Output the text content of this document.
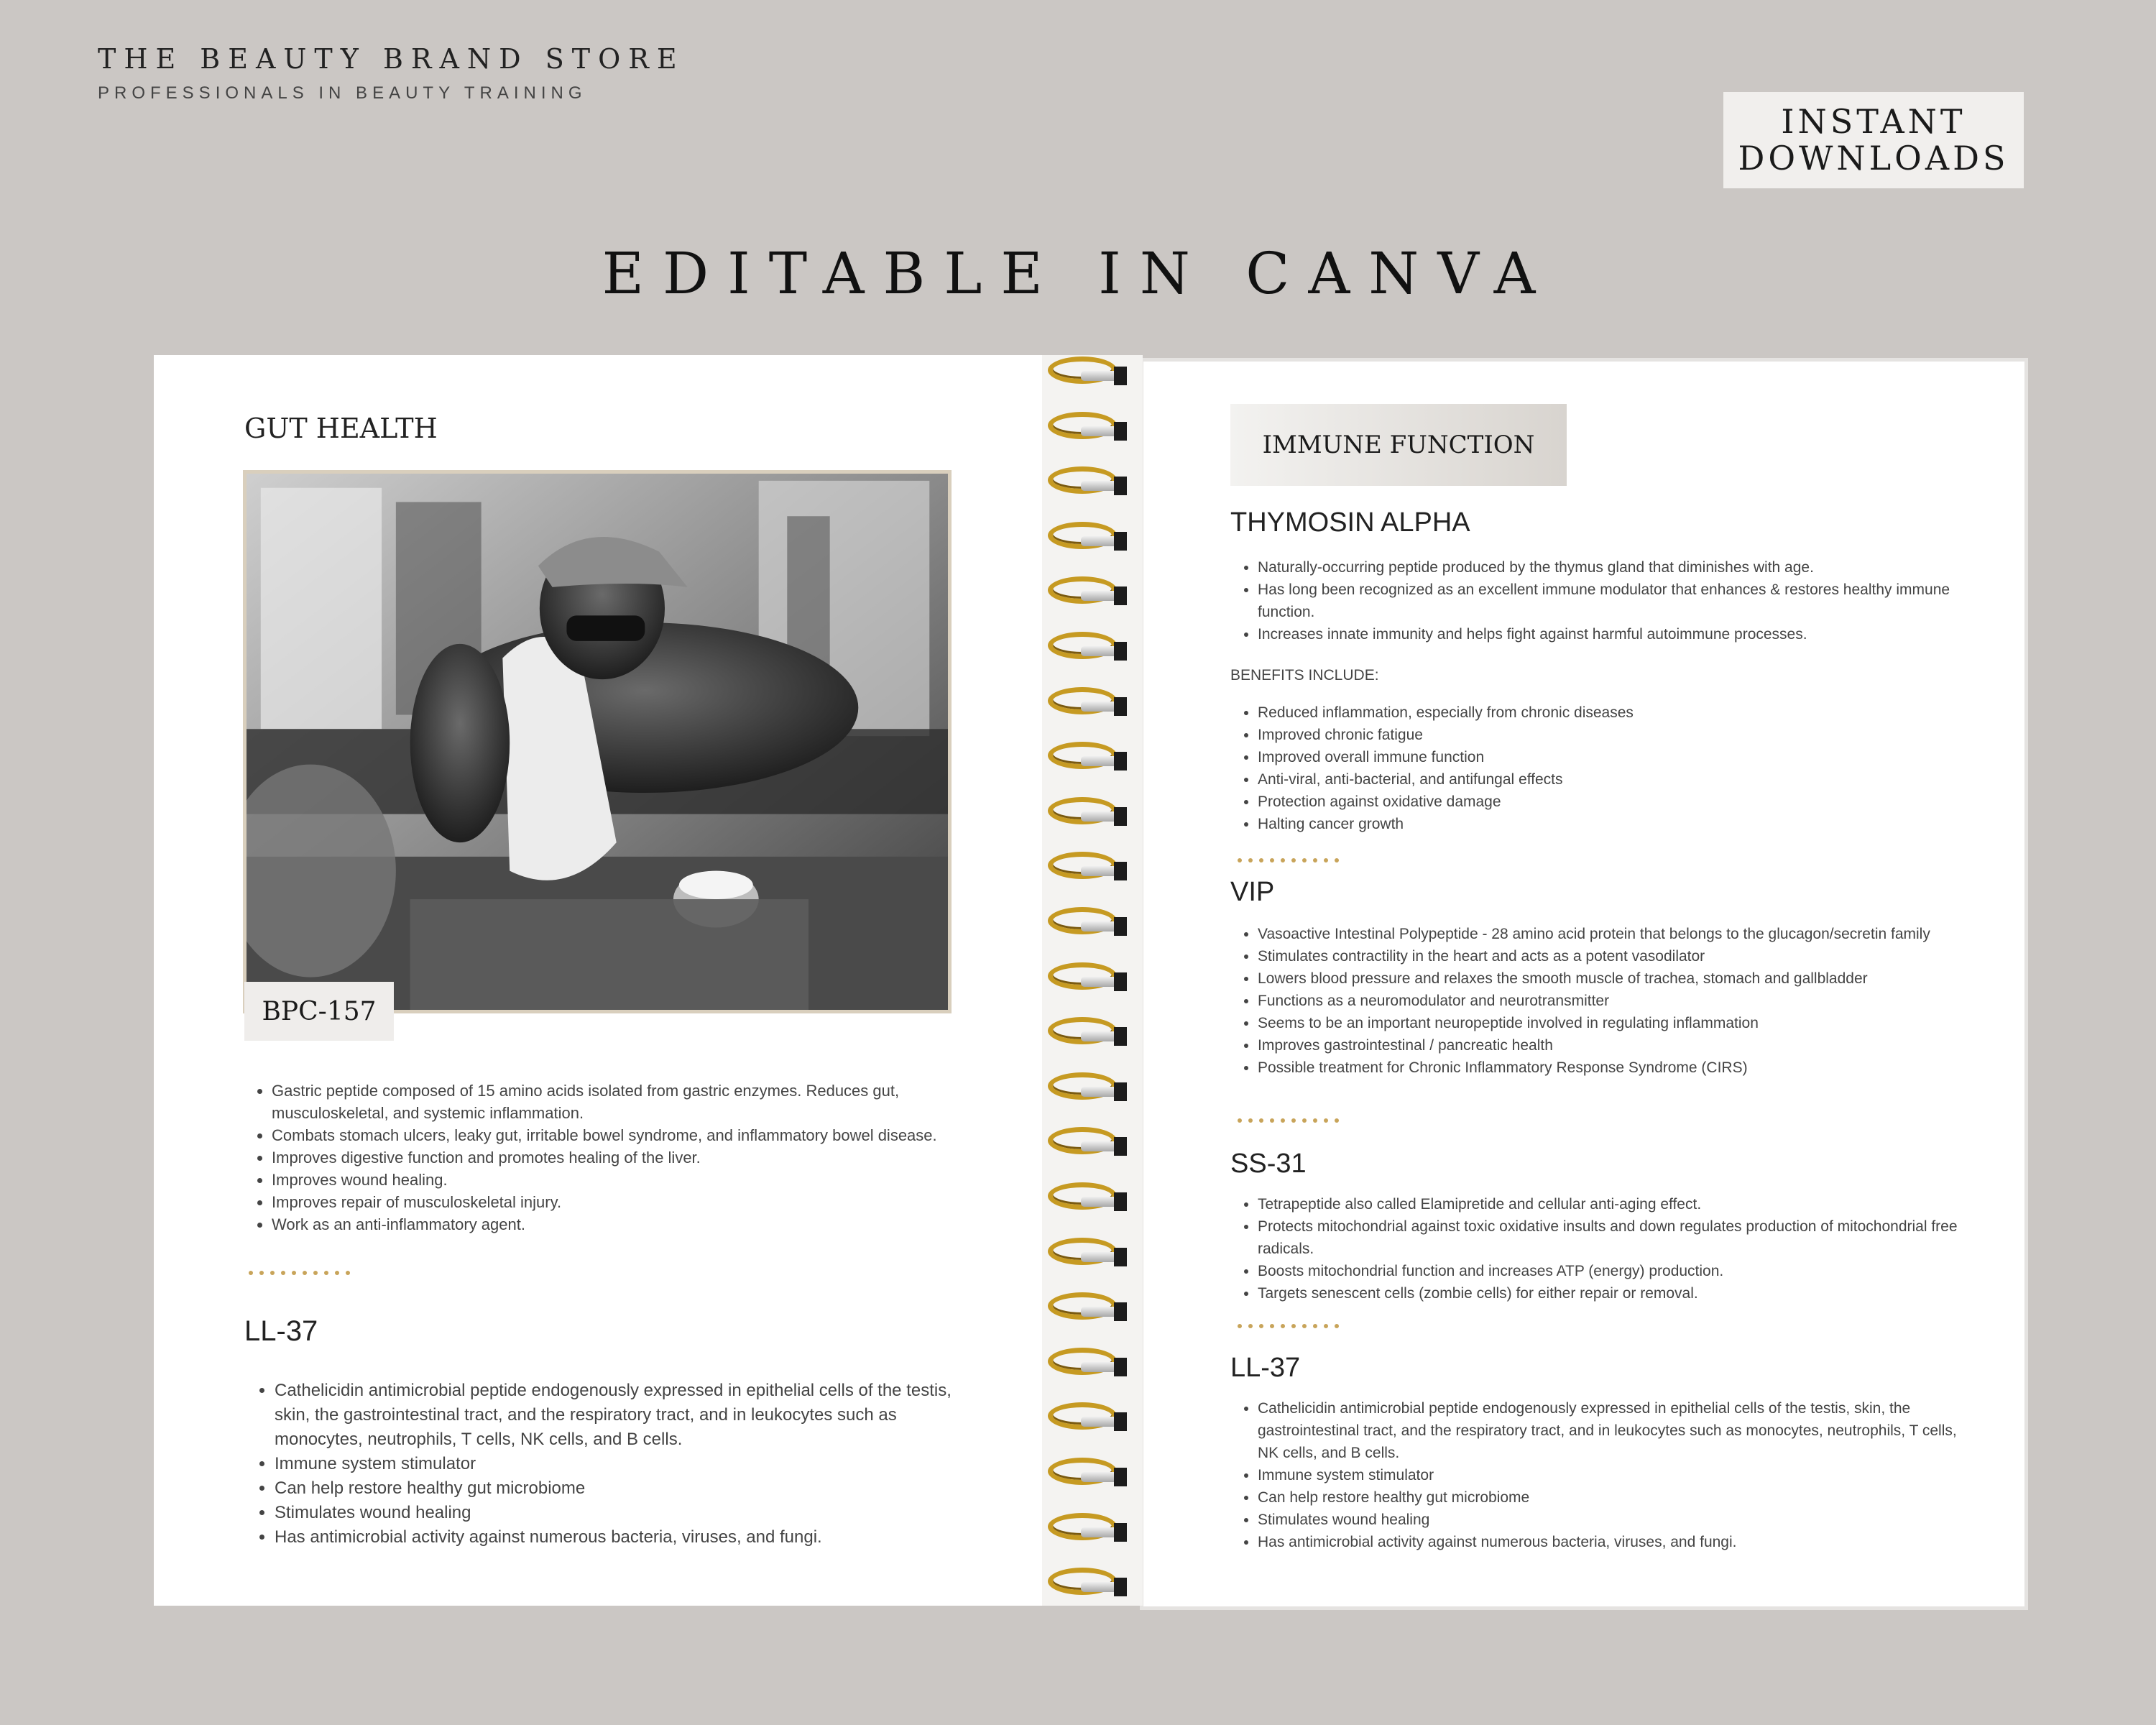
THE BEAUTY BRAND STORE
PROFESSIONALS IN BEAUTY TRAINING
INSTANT
DOWNLOADS
EDITABLE IN CANVA
GUT HEALTH
BPC-157
• Gastric peptide composed of 15 amino acids isolated from gastric enzymes. Reduces gut, musculoskeletal, and systemic inflammation.
• Combats stomach ulcers, leaky gut, irritable bowel syndrome, and inflammatory bowel disease.
• Improves digestive function and promotes healing of the liver.
• Improves wound healing.
• Improves repair of musculoskeletal injury.
• Work as an anti-inflammatory agent.
LL-37
• Cathelicidin antimicrobial peptide endogenously expressed in epithelial cells of the testis, skin, the gastrointestinal tract, and the respiratory tract, and in leukocytes such as monocytes, neutrophils, T cells, NK cells, and B cells.
• Immune system stimulator
• Can help restore healthy gut microbiome
• Stimulates wound healing
• Has antimicrobial activity against numerous bacteria, viruses, and fungi.
IMMUNE FUNCTION
THYMOSIN ALPHA
• Naturally-occurring peptide produced by the thymus gland that diminishes with age.
• Has long been recognized as an excellent immune modulator that enhances & restores healthy immune function.
• Increases innate immunity and helps fight against harmful autoimmune processes.
BENEFITS INCLUDE:
• Reduced inflammation, especially from chronic diseases
• Improved chronic fatigue
• Improved overall immune function
• Anti-viral, anti-bacterial, and antifungal effects
• Protection against oxidative damage
• Halting cancer growth
VIP
• Vasoactive Intestinal Polypeptide - 28 amino acid protein that belongs to the glucagon/secretin family
• Stimulates contractility in the heart and acts as a potent vasodilator
• Lowers blood pressure and relaxes the smooth muscle of trachea, stomach and gallbladder
• Functions as a neuromodulator and neurotransmitter
• Seems to be an important neuropeptide involved in regulating inflammation
• Improves gastrointestinal / pancreatic health
• Possible treatment for Chronic Inflammatory Response Syndrome (CIRS)
SS-31
• Tetrapeptide also called Elamipretide and cellular anti-aging effect.
• Protects mitochondrial against toxic oxidative insults and down regulates production of mitochondrial free radicals.
• Boosts mitochondrial function and increases ATP (energy) production.
• Targets senescent cells (zombie cells) for either repair or removal.
LL-37
• Cathelicidin antimicrobial peptide endogenously expressed in epithelial cells of the testis, skin, the gastrointestinal tract, and the respiratory tract, and in leukocytes such as monocytes, neutrophils, T cells, NK cells, and B cells.
• Immune system stimulator
• Can help restore healthy gut microbiome
• Stimulates wound healing
• Has antimicrobial activity against numerous bacteria, viruses, and fungi.
